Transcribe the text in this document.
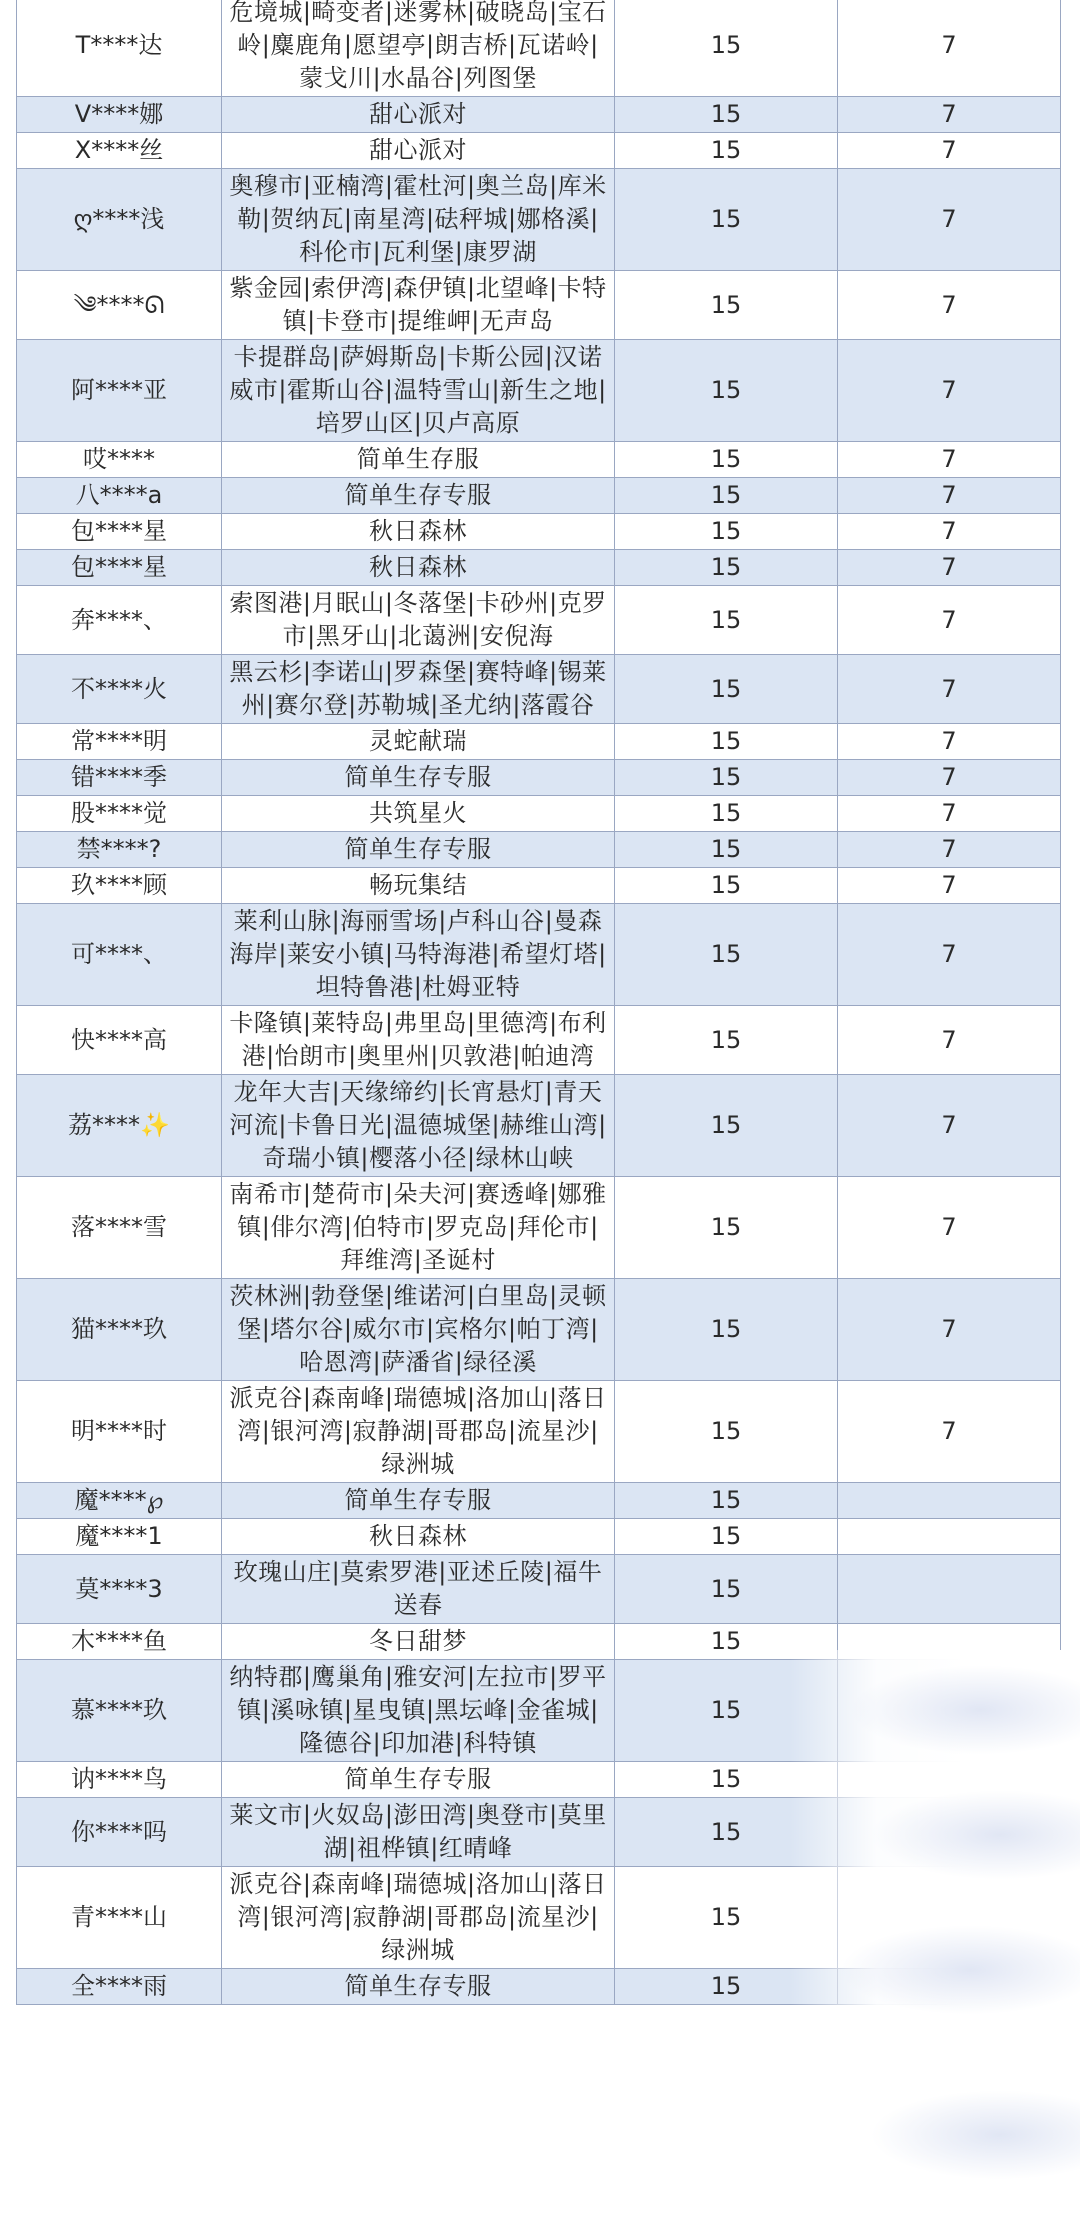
T****达	危境城|畸变者|迷雾林|破晓岛|宝石岭|麋鹿角|愿望亭|朗吉桥|瓦诺岭|蒙戈川|水晶谷|列图堡	15	7
V****娜	甜心派对	15	7
X****丝	甜心派对	15	7
ღ****浅	奥穆市|亚楠湾|霍杜河|奥兰岛|库米勒|贺纳瓦|南星湾|砝秤城|娜格溪|科伦市|瓦利堡|康罗湖	15	7
༄****ᘏ	紫金园|索伊湾|森伊镇|北望峰|卡特镇|卡登市|提维岬|无声岛	15	7
阿****亚	卡提群岛|萨姆斯岛|卡斯公园|汉诺威市|霍斯山谷|温特雪山|新生之地|培罗山区|贝卢高原	15	7
哎****	简单生存服	15	7
八****a	简单生存专服	15	7
包****星	秋日森林	15	7
包****星	秋日森林	15	7
奔****、	索图港|月眠山|冬落堡|卡砂州|克罗市|黑牙山|北蔼洲|安倪海	15	7
不****火	黑云杉|李诺山|罗森堡|赛特峰|锡莱州|赛尔登|苏勒城|圣尤纳|落霞谷	15	7
常****明	灵蛇献瑞	15	7
错****季	简单生存专服	15	7
股****觉	共筑星火	15	7
禁****?	简单生存专服	15	7
玖****顾	畅玩集结	15	7
可****、	莱利山脉|海丽雪场|卢科山谷|曼森海岸|莱安小镇|马特海港|希望灯塔|坦特鲁港|杜姆亚特	15	7
快****高	卡隆镇|莱特岛|弗里岛|里德湾|布利港|怡朗市|奥里州|贝敦港|帕迪湾	15	7
荔****✨	龙年大吉|天缘缔约|长宵悬灯|青天河流|卡鲁日光|温德城堡|赫维山湾|奇瑞小镇|樱落小径|绿林山峡	15	7
落****雪	南希市|楚荷市|朵夫河|赛透峰|娜雅镇|俳尔湾|伯特市|罗克岛|拜伦市|拜维湾|圣诞村	15	7
猫****玖	茨林洲|勃登堡|维诺河|白里岛|灵顿堡|塔尔谷|威尔市|宾格尔|帕丁湾|哈恩湾|萨潘省|绿径溪	15	7
明****时	派克谷|森南峰|瑞德城|洛加山|落日湾|银河湾|寂静湖|哥郡岛|流星沙|绿洲城	15	7
魔****℘	简单生存专服	15	
魔****1	秋日森林	15	
莫****3	玫瑰山庄|莫索罗港|亚述丘陵|福牛送春	15	
木****鱼	冬日甜梦	15	
慕****玖	纳特郡|鹰巢角|雅安河|左拉市|罗平镇|溪咏镇|星曳镇|黑坛峰|金雀城|隆德谷|印加港|科特镇	15	
讷****鸟	简单生存专服	15	
你****吗	莱文市|火奴岛|澎田湾|奥登市|莫里湖|祖桦镇|红晴峰	15	
青****山	派克谷|森南峰|瑞德城|洛加山|落日湾|银河湾|寂静湖|哥郡岛|流星沙|绿洲城	15	
全****雨	简单生存专服	15	
